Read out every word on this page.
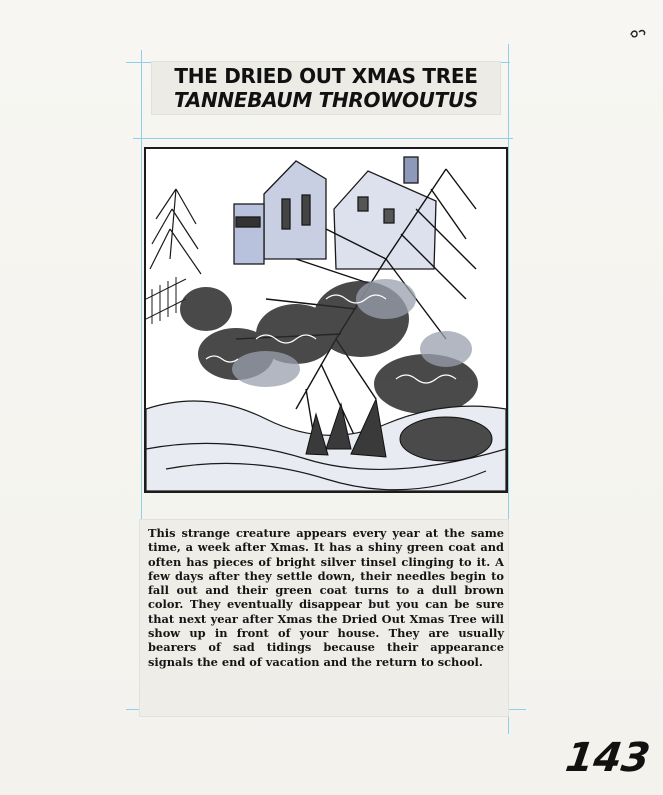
THE DRIED OUT XMAS TREE
TANNEBAUM THROWOUTUS
This strange creature appears every year at the same time, a week after Xmas. It has a shiny green coat and often has pieces of bright silver tinsel clinging to it. A few days after they settle down, their needles begin to fall out and their green coat turns to a dull brown color. They eventually disappear but you can be sure that next year after Xmas the Dried Out Xmas Tree will show up in front of your house. They are usually bearers of sad tidings because their appearance signals the end of vacation and the return to school.
143
